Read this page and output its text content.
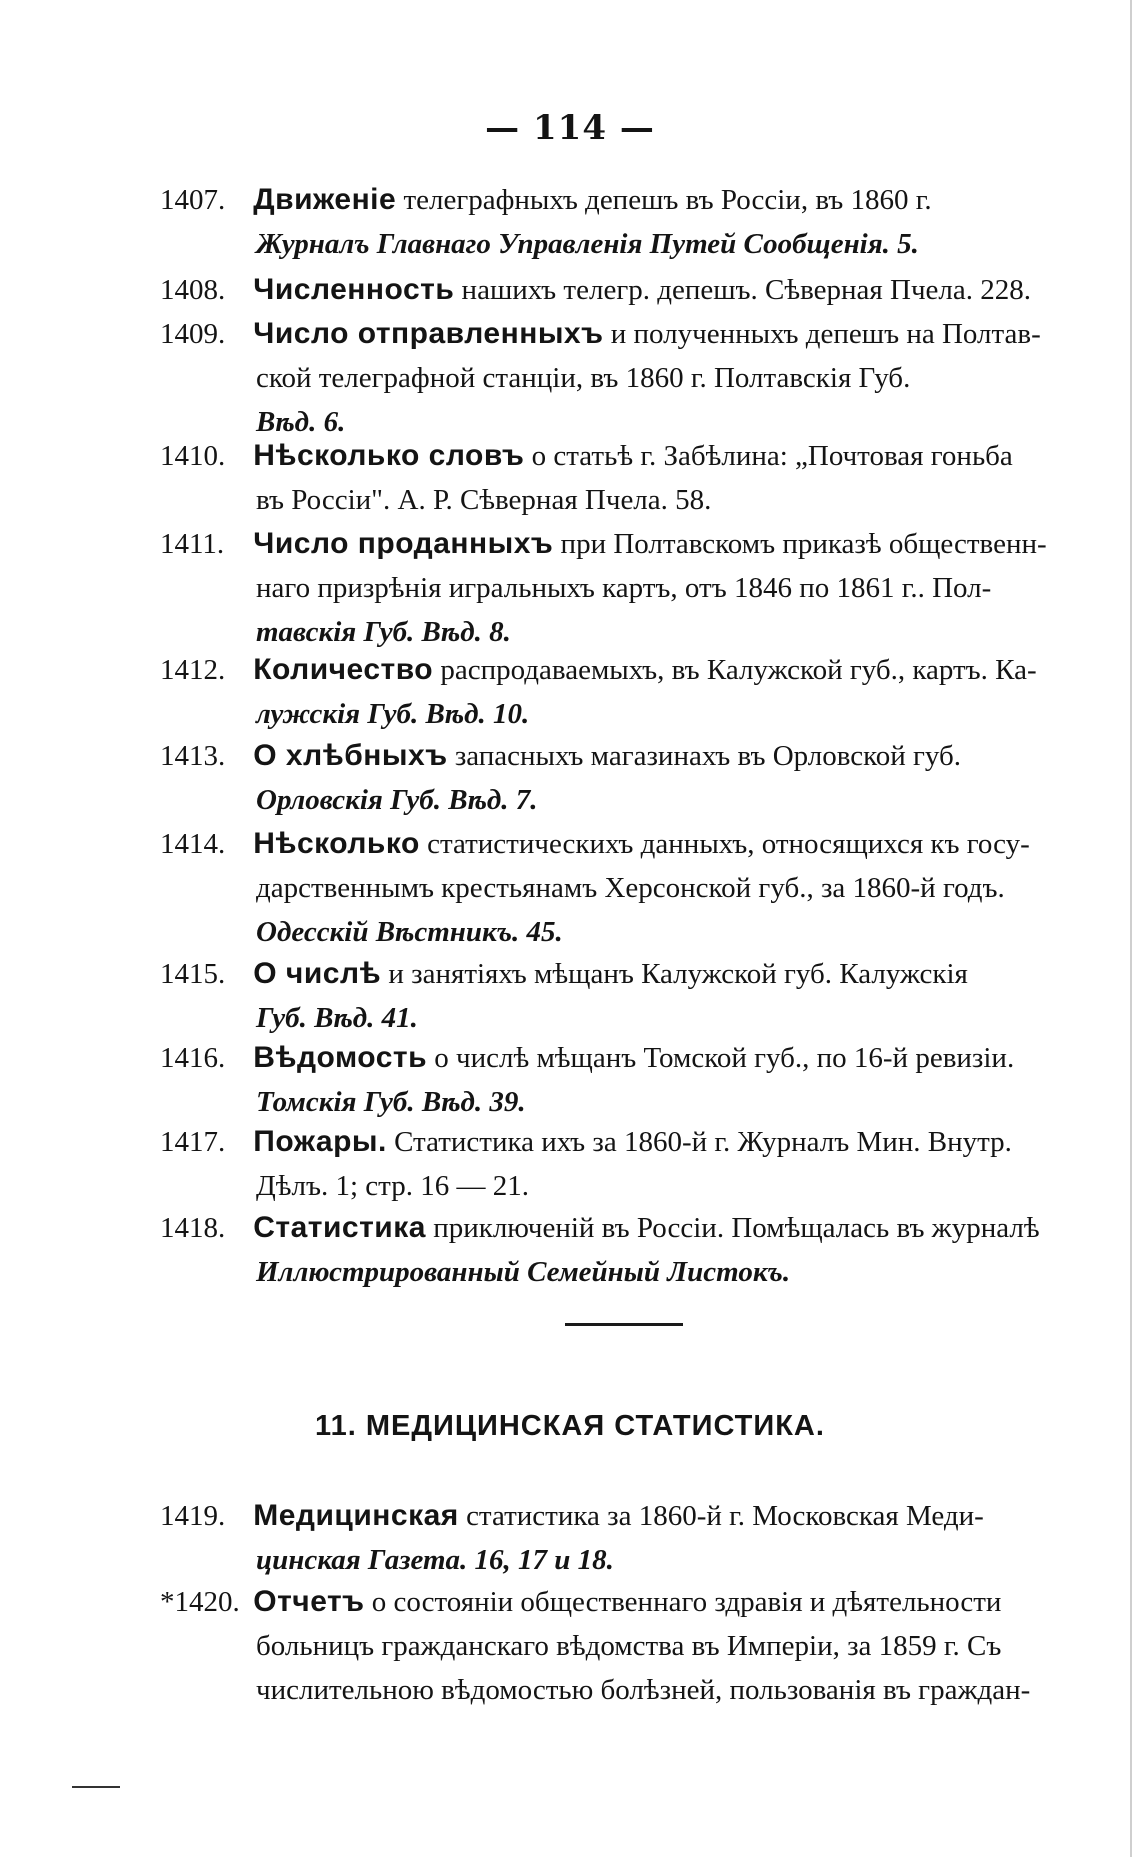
— 114 —
1407. Движеніе телеграфныхъ депешъ въ Россіи, въ 1860 г.
Журналъ Главнаго Управленія Путей Сообщенія. 5.
1408. Численность нашихъ телегр. депешъ. Сѣверная Пчела. 228.
1409. Число отправленныхъ и полученныхъ депешъ на Полтав-
ской телеграфной станціи, въ 1860 г. Полтавскія Губ.
Вѣд. 6.
1410. Нѣсколько словъ о статьѣ г. Забѣлина: „Почтовая гоньба
въ Россіи". А. Р. Сѣверная Пчела. 58.
1411. Число проданныхъ при Полтавскомъ приказѣ общественн-
наго призрѣнія игральныхъ картъ, отъ 1846 по 1861 г.. Пол-
тавскія Губ. Вѣд. 8.
1412. Количество распродаваемыхъ, въ Калужской губ., картъ. Ка-
лужскія Губ. Вѣд. 10.
1413. О хлѣбныхъ запасныхъ магазинахъ въ Орловской губ.
Орловскія Губ. Вѣд. 7.
1414. Нѣсколько статистическихъ данныхъ, относящихся къ госу-
дарственнымъ крестьянамъ Херсонской губ., за 1860-й годъ.
Одесскій Вѣстникъ. 45.
1415. О числѣ и занятіяхъ мѣщанъ Калужской губ. Калужскія
Губ. Вѣд. 41.
1416. Вѣдомость о числѣ мѣщанъ Томской губ., по 16-й ревизіи.
Томскія Губ. Вѣд. 39.
1417. Пожары. Статистика ихъ за 1860-й г. Журналъ Мин. Внутр.
Дѣлъ. 1; стр. 16 — 21.
1418. Статистика приключеній въ Россіи. Помѣщалась въ журналѣ
Иллюстрированный Семейный Листокъ.
11. МЕДИЦИНСКАЯ СТАТИСТИКА.
1419. Медицинская статистика за 1860-й г. Московская Меди-
цинская Газета. 16, 17 и 18.
*1420. Отчетъ о состояніи общественнаго здравія и дѣятельности
больницъ гражданскаго вѣдомства въ Имперіи, за 1859 г. Съ
числительною вѣдомостью болѣзней, пользованія въ граждан-
